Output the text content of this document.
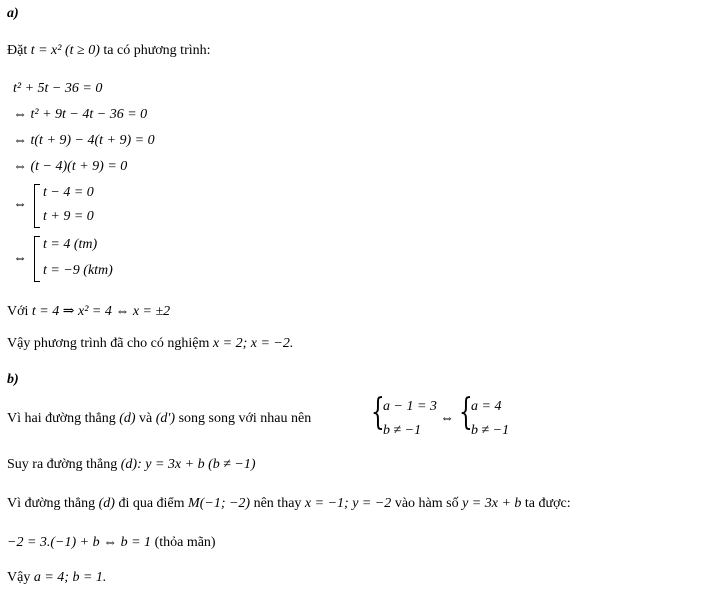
a)
Đặt t = x² (t ≥ 0) ta có phương trình:
t² + 5t − 36 = 0
⇔ t² + 9t − 4t − 36 = 0
⇔ t(t + 9) − 4(t + 9) = 0
⇔ (t − 4)(t + 9) = 0
⇔
t − 4 = 0
t + 9 = 0
⇔
t = 4 (tm)
t = −9 (ktm)
Với t = 4 ⇒ x² = 4 ⇔ x = ±2
Vậy phương trình đã cho có nghiệm x = 2; x = −2.
b)
Vì hai đường thẳng (d) và (d') song song với nhau nên {
a − 1 = 3
b ≠ −1
⇔ {
a = 4
b ≠ −1
Suy ra đường thẳng (d): y = 3x + b (b ≠ −1)
Vì đường thẳng (d) đi qua điểm M(−1; −2) nên thay x = −1; y = −2 vào hàm số y = 3x + b ta được:
−2 = 3.(−1) + b ⇔ b = 1 (thỏa mãn)
Vậy a = 4; b = 1.
